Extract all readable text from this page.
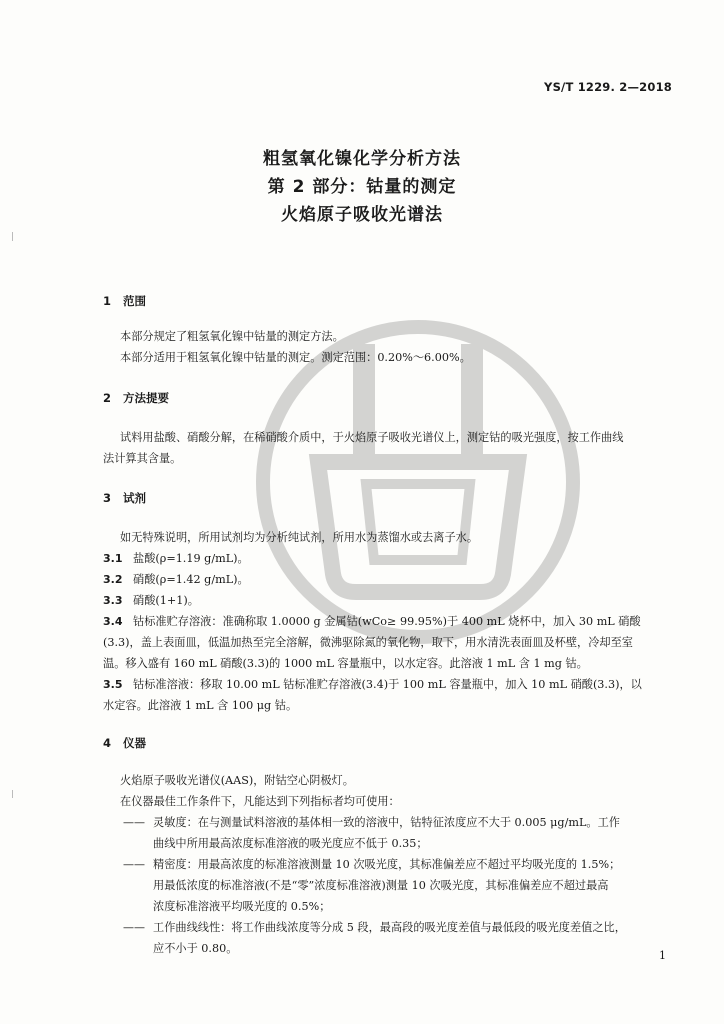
YS/T 1229. 2—2018
粗氢氧化镍化学分析方法
第 2 部分：钴量的测定
火焰原子吸收光谱法
1 范围
本部分规定了粗氢氧化镍中钴量的测定方法。
本部分适用于粗氢氧化镍中钴量的测定。测定范围：0.20%～6.00%。
2 方法提要
试料用盐酸、硝酸分解，在稀硝酸介质中，于火焰原子吸收光谱仪上，测定钴的吸光强度，按工作曲线
法计算其含量。
3 试剂
如无特殊说明，所用试剂均为分析纯试剂，所用水为蒸馏水或去离子水。
3.1 盐酸(ρ=1.19 g/mL)。
3.2 硝酸(ρ=1.42 g/mL)。
3.3 硝酸(1+1)。
3.4 钴标准贮存溶液：准确称取 1.0000 g 金属钴(wCo≥ 99.95%)于 400 mL 烧杯中，加入 30 mL 硝酸
(3.3)，盖上表面皿，低温加热至完全溶解，微沸驱除氮的氧化物，取下，用水清洗表面皿及杯壁，冷却至室
温。移入盛有 160 mL 硝酸(3.3)的 1000 mL 容量瓶中，以水定容。此溶液 1 mL 含 1 mg 钴。
3.5 钴标准溶液：移取 10.00 mL 钴标准贮存溶液(3.4)于 100 mL 容量瓶中，加入 10 mL 硝酸(3.3)，以
水定容。此溶液 1 mL 含 100 μg 钴。
4 仪器
火焰原子吸收光谱仪(AAS)，附钴空心阴极灯。
在仪器最佳工作条件下，凡能达到下列指标者均可使用：
—— 灵敏度：在与测量试料溶液的基体相一致的溶液中，钴特征浓度应不大于 0.005 μg/mL。工作
曲线中所用最高浓度标准溶液的吸光度应不低于 0.35；
—— 精密度：用最高浓度的标准溶液测量 10 次吸光度，其标准偏差应不超过平均吸光度的 1.5%；
用最低浓度的标准溶液(不是“零”浓度标准溶液)测量 10 次吸光度，其标准偏差应不超过最高
浓度标准溶液平均吸光度的 0.5%；
—— 工作曲线线性：将工作曲线浓度等分成 5 段，最高段的吸光度差值与最低段的吸光度差值之比，
应不小于 0.80。
1
